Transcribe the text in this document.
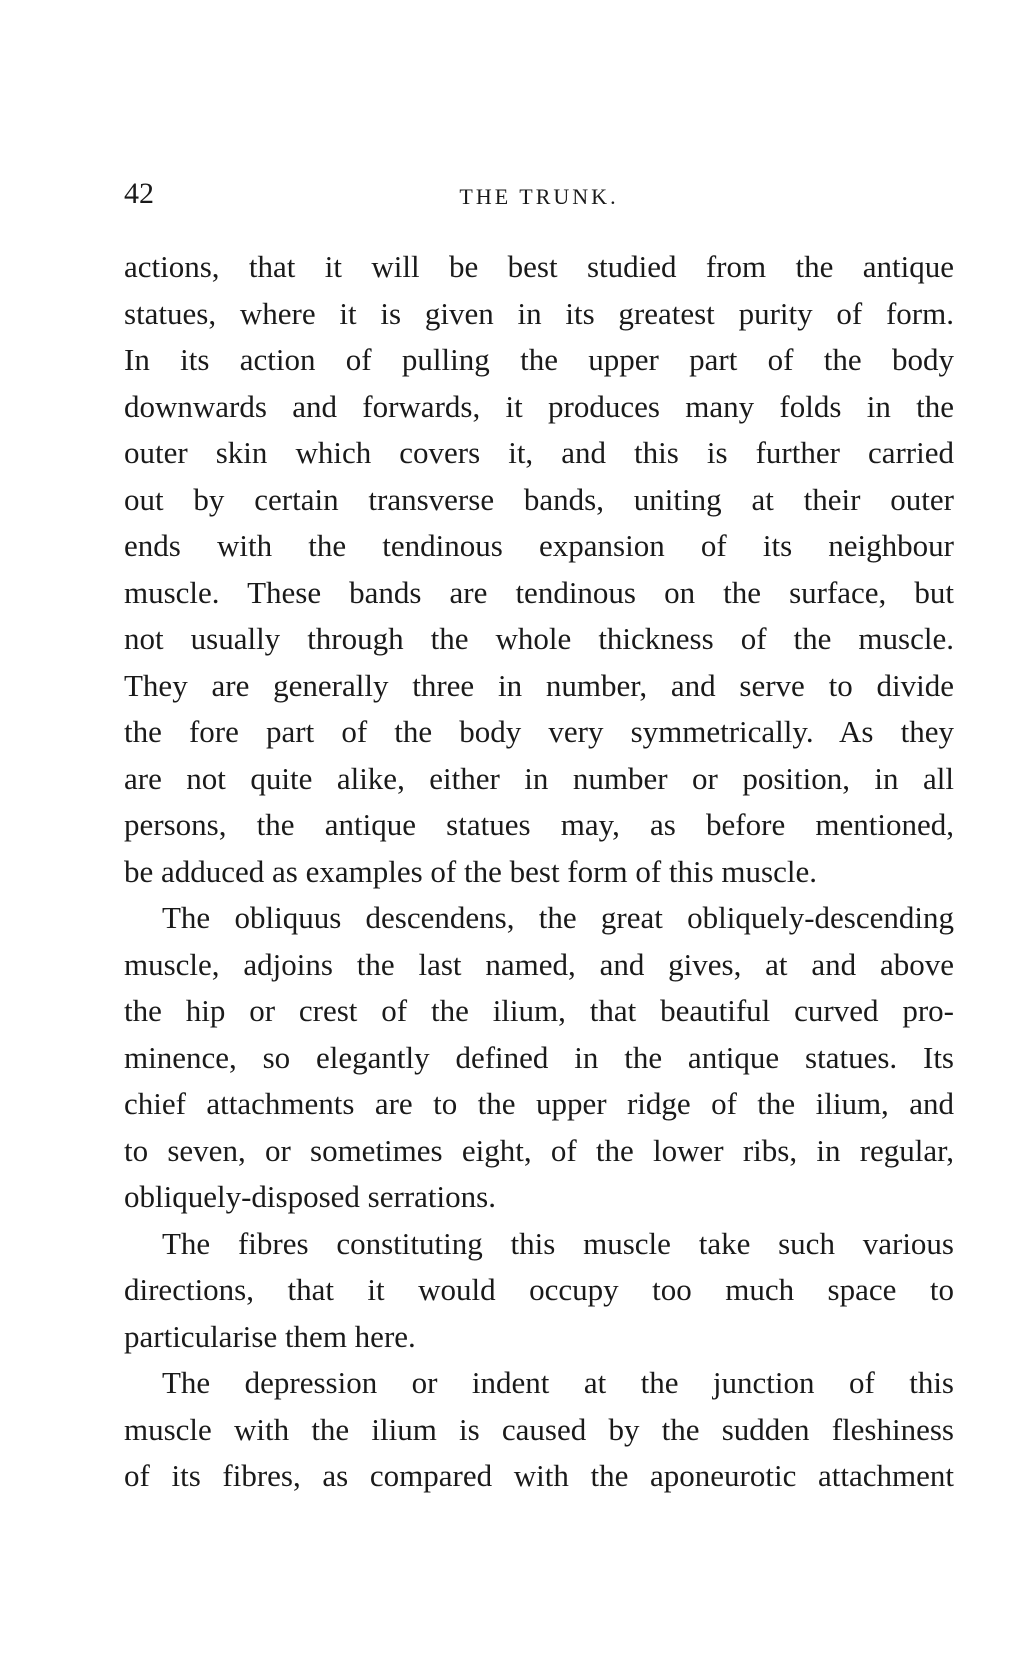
42	THE TRUNK.
actions, that it will be best studied from the antique
statues, where it is given in its greatest purity of form.
In its action of pulling the upper part of the body
downwards and forwards, it produces many folds in the
outer skin which covers it, and this is further carried
out by certain transverse bands, uniting at their outer
ends with the tendinous expansion of its neighbour
muscle. These bands are tendinous on the surface, but
not usually through the whole thickness of the muscle.
They are generally three in number, and serve to divide
the fore part of the body very symmetrically. As they
are not quite alike, either in number or position, in all
persons, the antique statues may, as before mentioned,
be adduced as examples of the best form of this muscle.
The obliquus descendens, the great obliquely-descending
muscle, adjoins the last named, and gives, at and above
the hip or crest of the ilium, that beautiful curved pro-
minence, so elegantly defined in the antique statues. Its
chief attachments are to the upper ridge of the ilium, and
to seven, or sometimes eight, of the lower ribs, in regular,
obliquely-disposed serrations.
The fibres constituting this muscle take such various
directions, that it would occupy too much space to
particularise them here.
The depression or indent at the junction of this
muscle with the ilium is caused by the sudden fleshiness
of its fibres, as compared with the aponeurotic attachment
